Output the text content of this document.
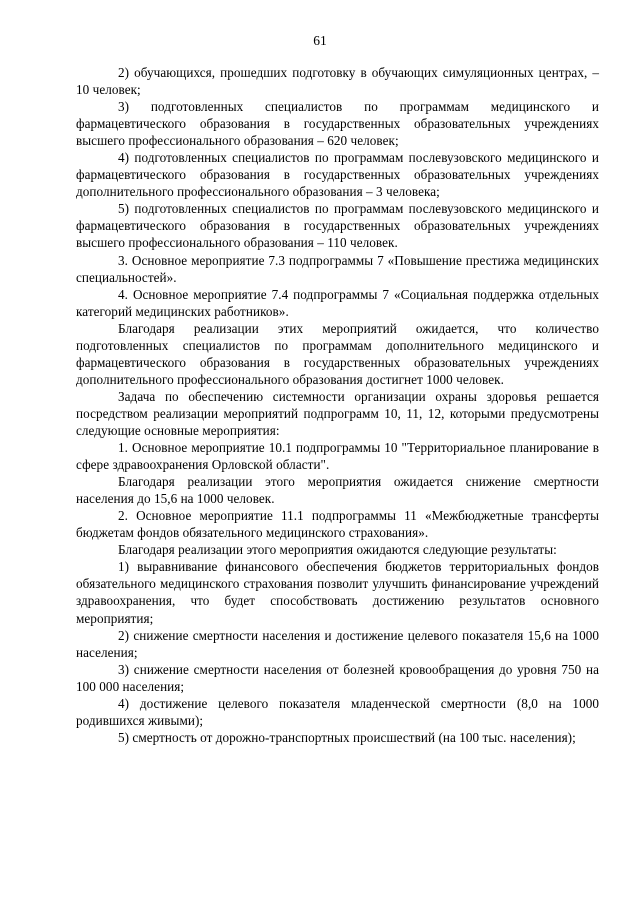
61

2) обучающихся, прошедших подготовку в обучающих симуляционных центрах, – 10 человек;

3) подготовленных специалистов по программам медицинского и фармацевтического образования в государственных образовательных учреждениях высшего профессионального образования – 620 человек;

4) подготовленных специалистов по программам послевузовского медицинского и фармацевтического образования в государственных образовательных учреждениях дополнительного профессионального образования – 3 человека;

5) подготовленных специалистов по программам послевузовского медицинского и фармацевтического образования в государственных образовательных учреждениях высшего профессионального образования – 110 человек.

3. Основное мероприятие 7.3 подпрограммы 7 «Повышение престижа медицинских специальностей».

4. Основное мероприятие 7.4 подпрограммы 7 «Социальная поддержка отдельных категорий медицинских работников».

Благодаря реализации этих мероприятий ожидается, что количество подготовленных специалистов по программам дополнительного медицинского и фармацевтического образования в государственных образовательных учреждениях дополнительного профессионального образования достигнет 1000 человек.

Задача по обеспечению системности организации охраны здоровья решается посредством реализации мероприятий подпрограмм 10, 11, 12, которыми предусмотрены следующие основные мероприятия:

1. Основное мероприятие 10.1 подпрограммы 10 "Территориальное планирование в сфере здравоохранения Орловской области".

Благодаря реализации этого мероприятия ожидается снижение смертности населения до 15,6 на 1000 человек.

2. Основное мероприятие 11.1 подпрограммы 11 «Межбюджетные трансферты бюджетам фондов обязательного медицинского страхования».

Благодаря реализации этого мероприятия ожидаются следующие результаты:

1) выравнивание финансового обеспечения бюджетов территориальных фондов обязательного медицинского страхования позволит улучшить финансирование учреждений здравоохранения, что будет способствовать достижению результатов основного мероприятия;

2) снижение смертности населения и достижение целевого показателя 15,6 на 1000 населения;

3) снижение смертности населения от болезней кровообращения до уровня 750 на 100 000 населения;

4) достижение целевого показателя младенческой смертности (8,0 на 1000 родившихся живыми);

5) смертность от дорожно-транспортных происшествий (на 100 тыс. населения);
